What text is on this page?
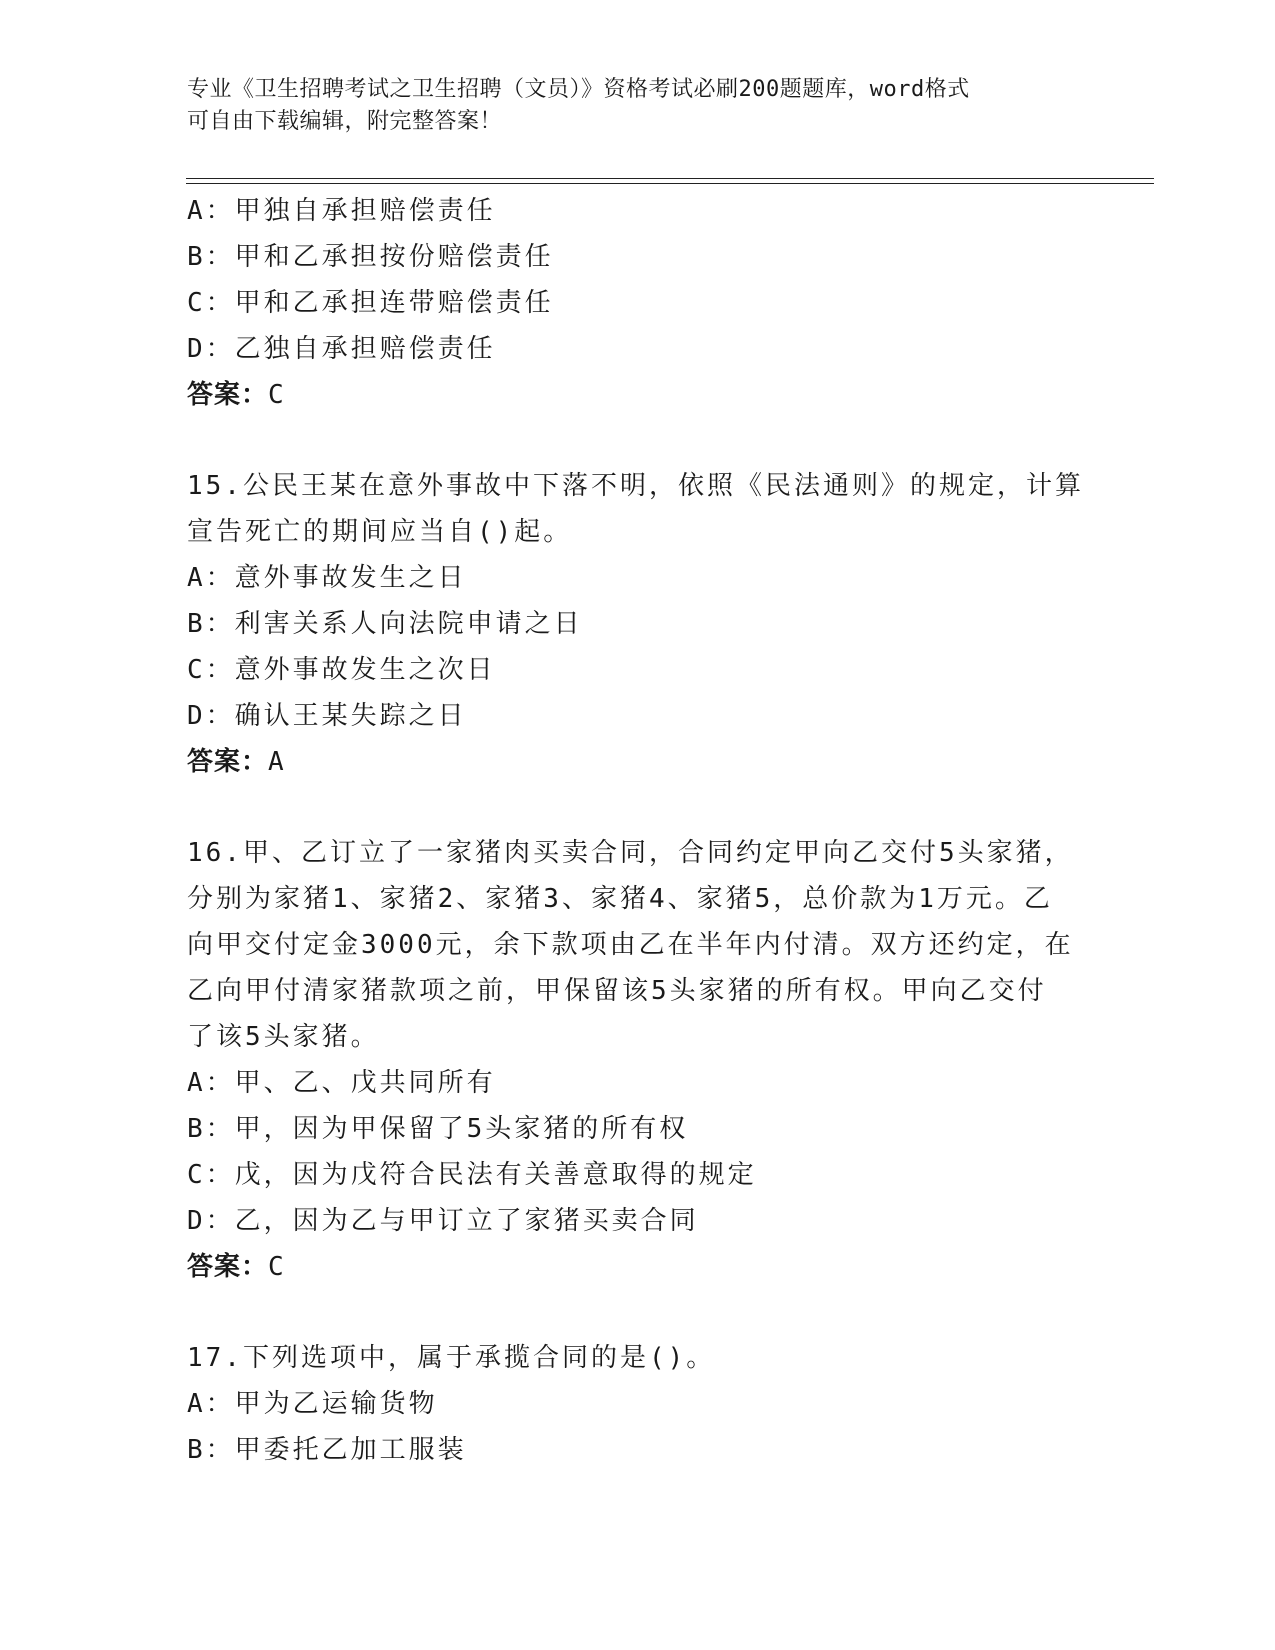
专业《卫生招聘考试之卫生招聘（文员）》资格考试必刷200题题库，word格式
可自由下载编辑，附完整答案！
A：甲独自承担赔偿责任
B：甲和乙承担按份赔偿责任
C：甲和乙承担连带赔偿责任
D：乙独自承担赔偿责任
答案：C
15.公民王某在意外事故中下落不明，依照《民法通则》的规定，计算
宣告死亡的期间应当自()起。
A：意外事故发生之日
B：利害关系人向法院申请之日
C：意外事故发生之次日
D：确认王某失踪之日
答案：A
16.甲、乙订立了一家猪肉买卖合同，合同约定甲向乙交付5头家猪，
分别为家猪1、家猪2、家猪3、家猪4、家猪5，总价款为1万元。乙
向甲交付定金3000元，余下款项由乙在半年内付清。双方还约定，在
乙向甲付清家猪款项之前，甲保留该5头家猪的所有权。甲向乙交付
了该5头家猪。
A：甲、乙、戊共同所有
B：甲，因为甲保留了5头家猪的所有权
C：戊，因为戊符合民法有关善意取得的规定
D：乙，因为乙与甲订立了家猪买卖合同
答案：C
17.下列选项中，属于承揽合同的是()。
A：甲为乙运输货物
B：甲委托乙加工服装
